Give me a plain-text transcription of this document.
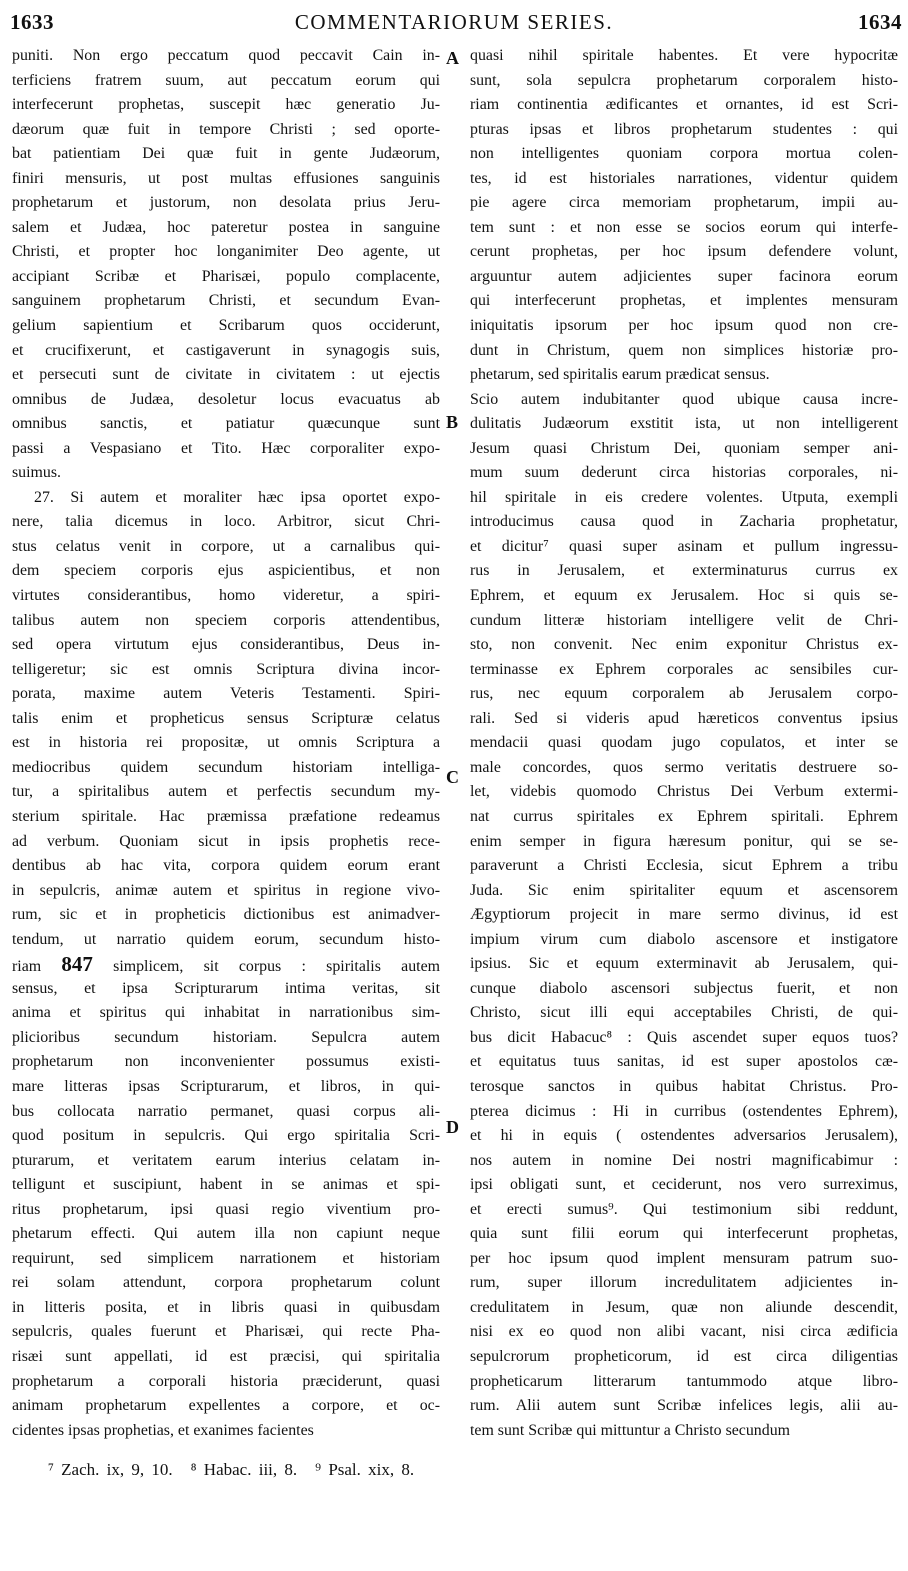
1633	COMMENTARIORUM SERIES.	1634
A
B
C
D
puniti. Non ergo peccatum quod peccavit Cain in-
terficiens fratrem suum, aut peccatum eorum qui
interfecerunt prophetas, suscepit hæc generatio Ju-
dæorum quæ fuit in tempore Christi ; sed oporte-
bat patientiam Dei quæ fuit in gente Judæorum,
finiri mensuris, ut post multas effusiones sanguinis
prophetarum et justorum, non desolata prius Jeru-
salem et Judæa, hoc pateretur postea in sanguine
Christi, et propter hoc longanimiter Deo agente, ut
accipiant Scribæ et Pharisæi, populo complacente,
sanguinem prophetarum Christi, et secundum Evan-
gelium sapientium et Scribarum quos occiderunt,
et crucifixerunt, et castigaverunt in synagogis suis,
et persecuti sunt de civitate in civitatem : ut ejectis
omnibus de Judæa, desoletur locus evacuatus ab
omnibus sanctis, et patiatur quæcunque sunt
passi a Vespasiano et Tito. Hæc corporaliter expo-
suimus.
27. Si autem et moraliter hæc ipsa oportet expo-
nere, talia dicemus in loco. Arbitror, sicut Chri-
stus celatus venit in corpore, ut a carnalibus qui-
dem speciem corporis ejus aspicientibus, et non
virtutes considerantibus, homo videretur, a spiri-
talibus autem non speciem corporis attendentibus,
sed opera virtutum ejus considerantibus, Deus in-
telligeretur; sic est omnis Scriptura divina incor-
porata, maxime autem Veteris Testamenti. Spiri-
talis enim et propheticus sensus Scripturæ celatus
est in historia rei propositæ, ut omnis Scriptura a
mediocribus quidem secundum historiam intelliga-
tur, a spiritalibus autem et perfectis secundum my-
sterium spiritale. Hac præmissa præfatione redeamus
ad verbum. Quoniam sicut in ipsis prophetis rece-
dentibus ab hac vita, corpora quidem eorum erant
in sepulcris, animæ autem et spiritus in regione vivo-
rum, sic et in propheticis dictionibus est animadver-
tendum, ut narratio quidem eorum, secundum histo-
riam 847 simplicem, sit corpus : spiritalis autem
sensus, et ipsa Scripturarum intima veritas, sit
anima et spiritus qui inhabitat in narrationibus sim-
plicioribus secundum historiam. Sepulcra autem
prophetarum non inconvenienter possumus existi-
mare litteras ipsas Scripturarum, et libros, in qui-
bus collocata narratio permanet, quasi corpus ali-
quod positum in sepulcris. Qui ergo spiritalia Scri-
pturarum, et veritatem earum interius celatam in-
telligunt et suscipiunt, habent in se animas et spi-
ritus prophetarum, ipsi quasi regio viventium pro-
phetarum effecti. Qui autem illa non capiunt neque
requirunt, sed simplicem narrationem et historiam
rei solam attendunt, corpora prophetarum colunt
in litteris posita, et in libris quasi in quibusdam
sepulcris, quales fuerunt et Pharisæi, qui recte Pha-
risæi sunt appellati, id est præcisi, qui spiritalia
prophetarum a corporali historia præciderunt, quasi
animam prophetarum expellentes a corpore, et oc-
cidentes ipsas prophetias, et exanimes facientes
quasi nihil spiritale habentes. Et vere hypocritæ
sunt, sola sepulcra prophetarum corporalem histo-
riam continentia ædificantes et ornantes, id est Scri-
pturas ipsas et libros prophetarum studentes : qui
non intelligentes quoniam corpora mortua colen-
tes, id est historiales narrationes, videntur quidem
pie agere circa memoriam prophetarum, impii au-
tem sunt : et non esse se socios eorum qui interfe-
cerunt prophetas, per hoc ipsum defendere volunt,
arguuntur autem adjicientes super facinora eorum
qui interfecerunt prophetas, et implentes mensuram
iniquitatis ipsorum per hoc ipsum quod non cre-
dunt in Christum, quem non simplices historiæ pro-
phetarum, sed spiritalis earum prædicat sensus.
Scio autem indubitanter quod ubique causa incre-
dulitatis Judæorum exstitit ista, ut non intelligerent
Jesum quasi Christum Dei, quoniam semper ani-
mum suum dederunt circa historias corporales, ni-
hil spiritale in eis credere volentes. Utputa, exempli
introducimus causa quod in Zacharia prophetatur,
et dicitur⁷ quasi super asinam et pullum ingressu-
rus in Jerusalem, et exterminaturus currus ex
Ephrem, et equum ex Jerusalem. Hoc si quis se-
cundum litteræ historiam intelligere velit de Chri-
sto, non convenit. Nec enim exponitur Christus ex-
terminasse ex Ephrem corporales ac sensibiles cur-
rus, nec equum corporalem ab Jerusalem corpo-
rali. Sed si videris apud hæreticos conventus ipsius
mendacii quasi quodam jugo copulatos, et inter se
male concordes, quos sermo veritatis destruere so-
let, videbis quomodo Christus Dei Verbum extermi-
nat currus spiritales ex Ephrem spiritali. Ephrem
enim semper in figura hæresum ponitur, qui se se-
paraverunt a Christi Ecclesia, sicut Ephrem a tribu
Juda. Sic enim spiritaliter equum et ascensorem
Ægyptiorum projecit in mare sermo divinus, id est
impium virum cum diabolo ascensore et instigatore
ipsius. Sic et equum exterminavit ab Jerusalem, qui-
cunque diabolo ascensori subjectus fuerit, et non
Christo, sicut illi equi acceptabiles Christi, de qui-
bus dicit Habacuc⁸ : Quis ascendet super equos tuos?
et equitatus tuus sanitas, id est super apostolos cæ-
terosque sanctos in quibus habitat Christus. Pro-
pterea dicimus : Hi in curribus (ostendentes Ephrem),
et hi in equis ( ostendentes adversarios Jerusalem),
nos autem in nomine Dei nostri magnificabimur :
ipsi obligati sunt, et ceciderunt, nos vero surreximus,
et erecti sumus⁹. Qui testimonium sibi reddunt,
quia sunt filii eorum qui interfecerunt prophetas,
per hoc ipsum quod implent mensuram patrum suo-
rum, super illorum incredulitatem adjicientes in-
credulitatem in Jesum, quæ non aliunde descendit,
nisi ex eo quod non alibi vacant, nisi circa ædificia
sepulcrorum propheticorum, id est circa diligentias
propheticarum litterarum tantummodo atque libro-
rum. Alii autem sunt Scribæ infelices legis, alii au-
tem sunt Scribæ qui mittuntur a Christo secundum
⁷ Zach. ix, 9, 10. ⁸ Habac. iii, 8. ⁹ Psal. xix, 8.
